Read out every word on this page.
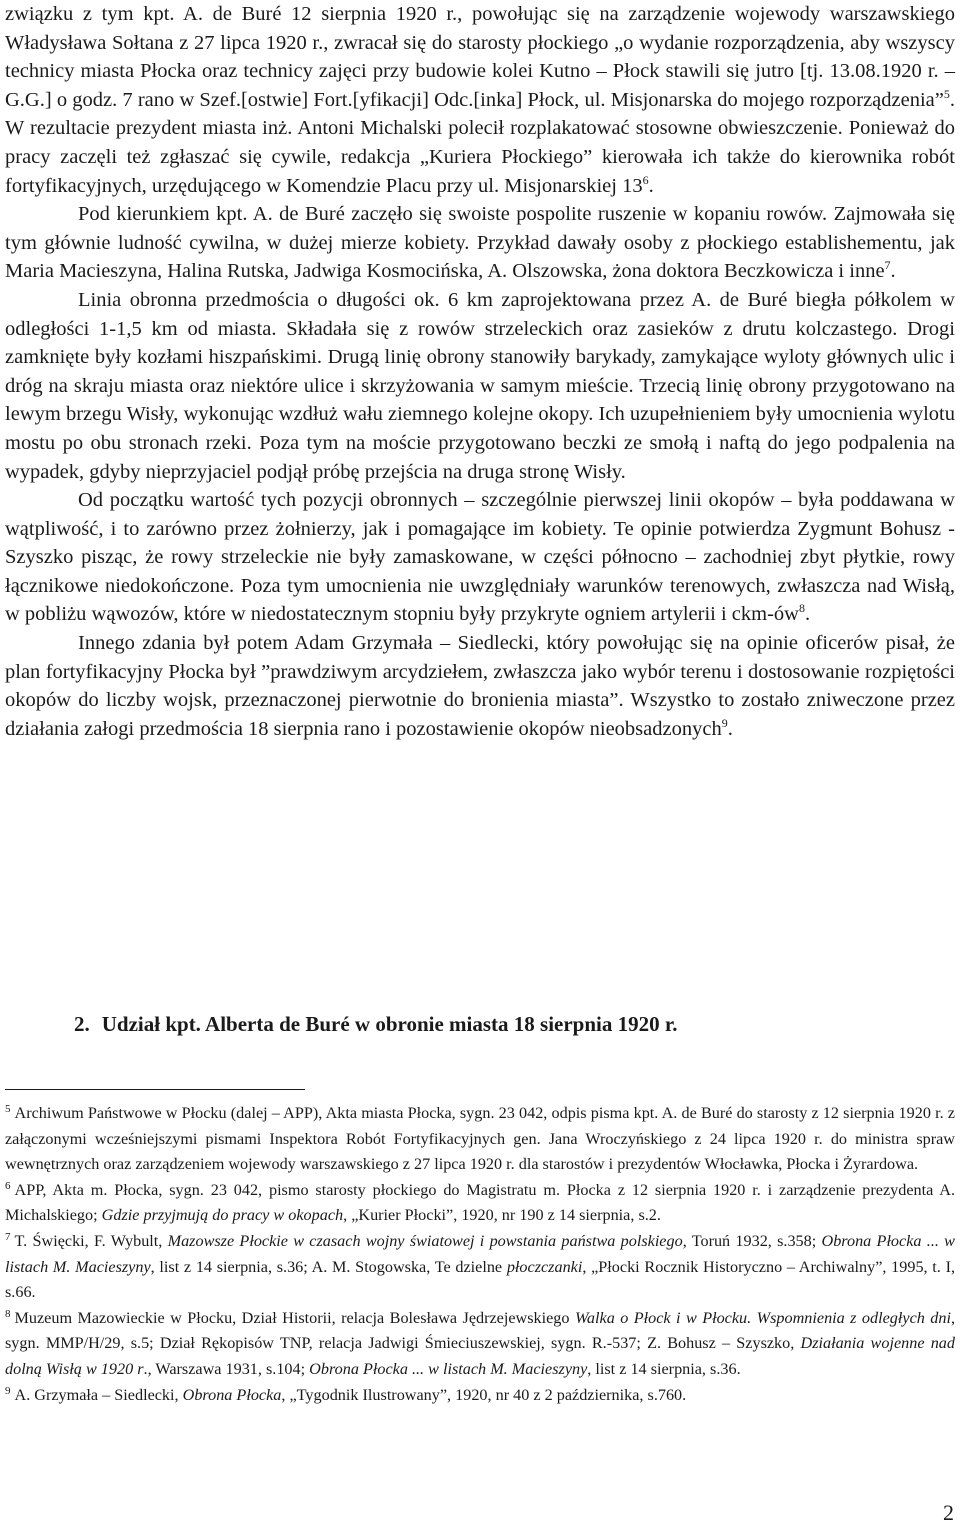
związku z tym kpt. A. de Buré 12 sierpnia 1920 r., powołując się na zarządzenie wojewody warszawskiego Władysława Sołtana z 27 lipca 1920 r., zwracał się do starosty płockiego „o wydanie rozporządzenia, aby wszyscy technicy miasta Płocka oraz technicy zajęci przy budowie kolei Kutno – Płock stawili się jutro [tj. 13.08.1920 r. – G.G.] o godz. 7 rano w Szef.[ostwie] Fort.[yfikacji] Odc.[inka] Płock, ul. Misjonarska do mojego rozporządzenia”$^5$. W rezultacie prezydent miasta inż. Antoni Michalski polecił rozplakatować stosowne obwieszczenie. Ponieważ do pracy zaczęli też zgłaszać się cywile, redakcja „Kuriera Płockiego” kierowała ich także do kierownika robót fortyfikacyjnych, urzędującego w Komendzie Placu przy ul. Misjonarskiej $13^6$.
Pod kierunkiem kpt. A. de Buré zaczęło się swoiste pospolite ruszenie w kopaniu rowów. Zajmowała się tym głównie ludność cywilna, w dużej mierze kobiety. Przykład dawały osoby z płockiego establishementu, jak Maria Macieszyna, Halina Rutska, Jadwiga Kosmocińska, A. Olszowska, żona doktora Beczkowicza i inne$^7$.
Linia obronna przedmościa o długości ok. 6 km zaprojektowana przez A. de Buré biegła półkolem w odległości 1-1,5 km od miasta. Składała się z rowów strzeleckich oraz zasieków z drutu kolczastego. Drogi zamknięte były kozłami hiszpańskimi. Drugą linię obrony stanowiły barykady, zamykające wyloty głównych ulic i dróg na skraju miasta oraz niektóre ulice i skrzyżowania w samym mieście. Trzecią linię obrony przygotowano na lewym brzegu Wisły, wykonując wzdłuż wału ziemnego kolejne okopy. Ich uzupełnieniem były umocnienia wylotu mostu po obu stronach rzeki. Poza tym na moście przygotowano beczki ze smołą i naftą do jego podpalenia na wypadek, gdyby nieprzyjaciel podjął próbę przejścia na druga stronę Wisły.
Od początku wartość tych pozycji obronnych – szczególnie pierwszej linii okopów – była poddawana w wątpliwość, i to zarówno przez żołnierzy, jak i pomagające im kobiety. Te opinie potwierdza Zygmunt Bohusz - Szyszko pisząc, że rowy strzeleckie nie były zamaskowane, w części północno – zachodniej zbyt płytkie, rowy łącznikowe niedokończone. Poza tym umocnienia nie uwzględniały warunków terenowych, zwłaszcza nad Wisłą, w pobliżu wąwozów, które w niedostatecznym stopniu były przykryte ogniem artylerii i ckm-$ów^8$.
Innego zdania był potem Adam Grzymała – Siedlecki, który powołując się na opinie oficerów pisał, że plan fortyfikacyjny Płocka był ”prawdziwym arcydziełem, zwłaszcza jako wybór terenu i dostosowanie rozpiętości okopów do liczby wojsk, przeznaczonej pierwotnie do bronienia miasta”. Wszystko to zostało zniweczone przez działania załogi przedmościa 18 sierpnia rano i pozostawienie okopów nieobsadzonych$^9$.
2. Udział kpt. Alberta de Buré w obronie miasta 18 sierpnia 1920 r.
$^5$ Archiwum Państwowe w Płocku (dalej – APP), Akta miasta Płocka, sygn. 23 042, odpis pisma kpt. A. de Buré do starosty z 12 sierpnia 1920 r. z załączonymi wcześniejszymi pismami Inspektora Robót Fortyfikacyjnych gen. Jana Wroczyńskiego z 24 lipca 1920 r. do ministra spraw wewnętrznych oraz zarządzeniem wojewody warszawskiego z 27 lipca 1920 r. dla starostów i prezydentów Włocławka, Płocka i Żyrardowa.
$^6$ APP, Akta m. Płocka, sygn. 23 042, pismo starosty płockiego do Magistratu m. Płocka z 12 sierpnia 1920 r. i zarządzenie prezydenta A. Michalskiego; Gdzie przyjmują do pracy w okopach, „Kurier Płocki”, 1920, nr 190 z 14 sierpnia, s.2.
$^7$ T. Święcki, F. Wybult, Mazowsze Płockie w czasach wojny światowej i powstania państwa polskiego, Toruń 1932, s.358; Obrona Płocka ... w listach M. Macieszyny, list z 14 sierpnia, s.36; A. M. Stogowska, Te dzielne płoczczanki, „Płocki Rocznik Historyczno – Archiwalny”, 1995, t. I, s.66.
$^8$ Muzeum Mazowieckie w Płocku, Dział Historii, relacja Bolesława Jędrzejewskiego Walka o Płock i w Płocku. Wspomnienia z odległych dni, sygn. MMP/H/29, s.5; Dział Rękopisów TNP, relacja Jadwigi Śmieciuszewskiej, sygn. R.-537; Z. Bohusz – Szyszko, Działania wojenne nad dolną Wisłą w 1920 r., Warszawa 1931, s.104; Obrona Płocka ... w listach M. Macieszyny, list z 14 sierpnia, s.36.
$^9$ A. Grzymała – Siedlecki, Obrona Płocka, „Tygodnik Ilustrowany”, 1920, nr 40 z 2 października, s.760.
2
